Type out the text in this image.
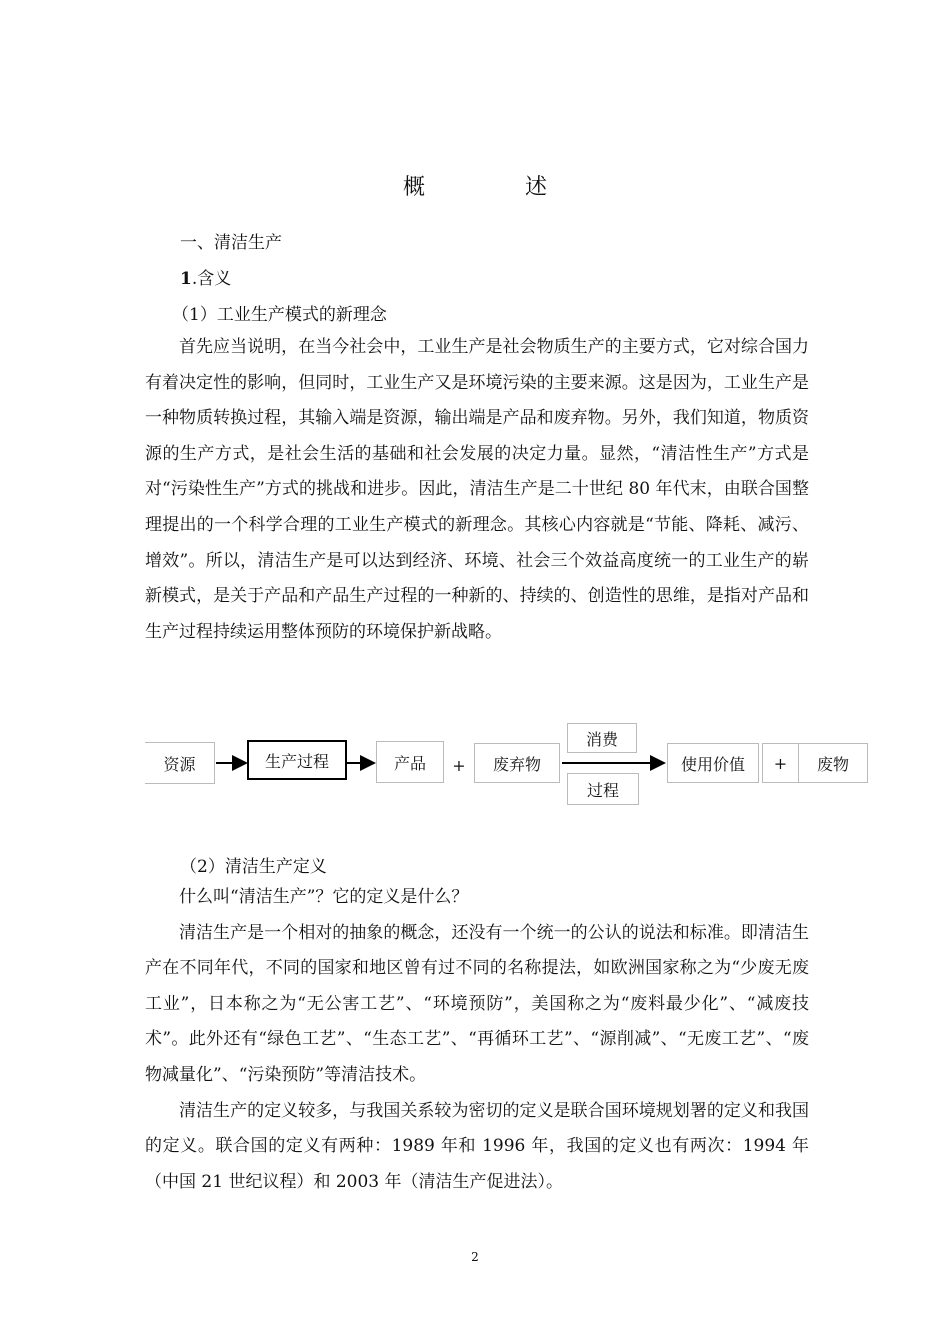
概	述
一、清洁生产
1.含义
（1）工业生产模式的新理念

首先应当说明，在当今社会中，工业生产是社会物质生产的主要方式，它对综合国力有着决定性的影响，但同时，工业生产又是环境污染的主要来源。这是因为，工业生产是一种物质转换过程，其输入端是资源，输出端是产品和废弃物。另外，我们知道，物质资源的生产方式，是社会生活的基础和社会发展的决定力量。显然，“清洁性生产”方式是对“污染性生产”方式的挑战和进步。因此，清洁生产是二十世纪 80 年代末，由联合国整理提出的一个科学合理的工业生产模式的新理念。其核心内容就是“节能、降耗、减污、增效”。所以，清洁生产是可以达到经济、环境、社会三个效益高度统一的工业生产的崭新模式，是关于产品和产品生产过程的一种新的、持续的、创造性的思维，是指对产品和生产过程持续运用整体预防的环境保护新战略。

资源	生产过程	产品	+	废弃物
消费
过程
使用价值	+	废物
（2）清洁生产定义

什么叫“清洁生产”？它的定义是什么？

清洁生产是一个相对的抽象的概念，还没有一个统一的公认的说法和标准。即清洁生产在不同年代，不同的国家和地区曾有过不同的名称提法，如欧洲国家称之为“少废无废工业”，日本称之为“无公害工艺”、“环境预防”，美国称之为“废料最少化”、“减废技术”。此外还有“绿色工艺”、“生态工艺”、“再循环工艺”、“源削减”、“无废工艺”、“废物减量化”、“污染预防”等清洁技术。

清洁生产的定义较多，与我国关系较为密切的定义是联合国环境规划署的定义和我国的定义。联合国的定义有两种：1989 年和 1996 年，我国的定义也有两次：1994 年（中国 21 世纪议程）和 2003 年（清洁生产促进法）。

2
